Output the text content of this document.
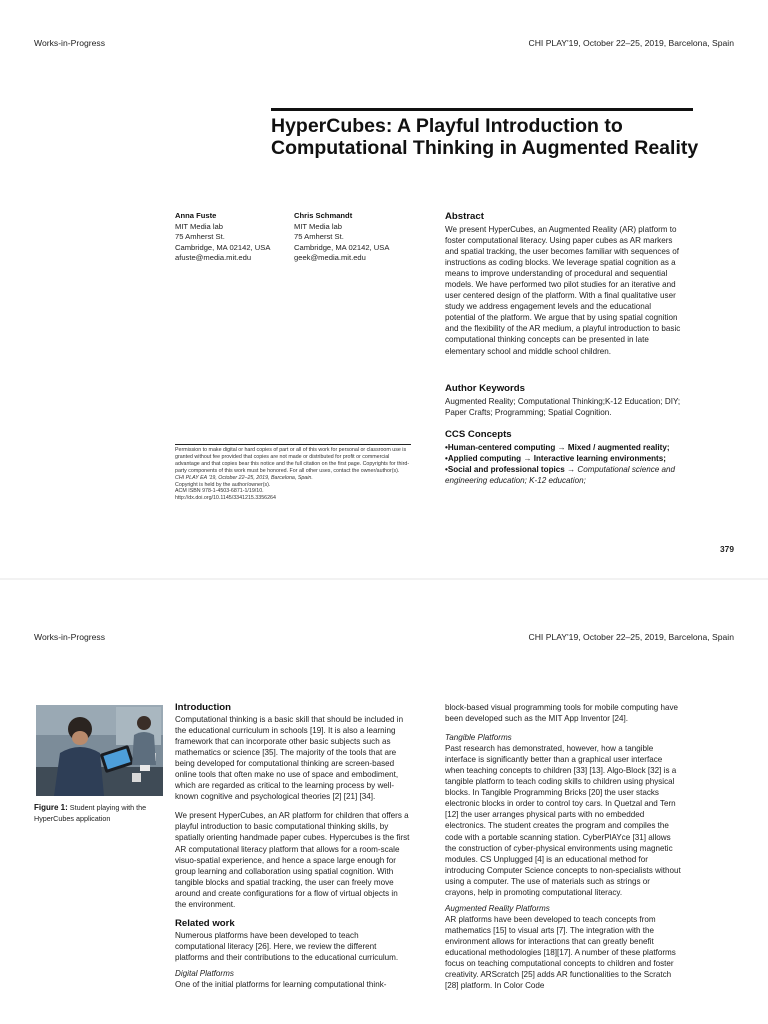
Works-in-Progress	CHI PLAY'19, October 22–25, 2019, Barcelona, Spain
HyperCubes: A Playful Introduction to Computational Thinking in Augmented Reality
Anna Fuste
MIT Media lab
75 Amherst St.
Cambridge, MA 02142, USA
afuste@media.mit.edu
Chris Schmandt
MIT Media lab
75 Amherst St.
Cambridge, MA 02142, USA
geek@media.mit.edu
Abstract

We present HyperCubes, an Augmented Reality (AR) platform to foster computational literacy. Using paper cubes as AR markers and spatial tracking, the user becomes familiar with sequences of instructions as coding blocks. We leverage spatial cognition as a means to improve understanding of procedural and sequential models. We have performed two pilot studies for an iterative and user centered design of the platform. With a final qualitative user study we address engagement levels and the educational potential of the platform. We argue that by using spatial cognition and the flexibility of the AR medium, a playful introduction to basic computational thinking concepts can be presented in late elementary school and middle school children.

Author Keywords

Augmented Reality; Computational Thinking;K-12 Education; DIY; Paper Crafts; Programming; Spatial Cognition.

CCS Concepts

•Human-centered computing → Mixed / augmented reality; •Applied computing → Interactive learning environments; •Social and professional topics → Computational science and engineering education; K-12 education;

Permission to make digital or hard copies of part or all of this work for personal or classroom use is granted without fee provided that copies are not made or distributed for profit or commercial advantage and that copies bear this notice and the full citation on the first page. Copyrights for third-party components of this work must be honored. For all other uses, contact the owner/author(s).
CHI PLAY EA '19, October 22–25, 2019, Barcelona, Spain.
Copyright is held by the author/owner(s).
ACM ISBN 978-1-4503-6871-1/19/10.
http://dx.doi.org/10.1145/3341215.3356264
379
Works-in-Progress	CHI PLAY'19, October 22–25, 2019, Barcelona, Spain
Figure 1: Student playing with the HyperCubes application
Introduction

Computational thinking is a basic skill that should be included in the educational curriculum in schools [19]. It is also a learning framework that can incorporate other basic subjects such as mathematics or science [35]. The majority of the tools that are being developed for computational thinking are screen-based online tools that often make no use of space and embodiment, which are regarded as critical to the learning process by well-known cognitive and psychological theories [2] [21] [34].

We present HyperCubes, an AR platform for children that offers a playful introduction to basic computational thinking skills, by spatially orienting handmade paper cubes. Hypercubes is the first AR computational literacy platform that allows for a room-scale visuo-spatial experience, and hence a space large enough for group learning and collaboration using spatial cognition. With tangible blocks and spatial tracking, the user can freely move around and create configurations for a flow of virtual objects in the environment.

Related work

Numerous platforms have been developed to teach computational literacy [26]. Here, we review the different platforms and their contributions to the educational curriculum.

Digital Platforms

One of the initial platforms for learning computational think-

block-based visual programming tools for mobile computing have been developed such as the MIT App Inventor [24].

Tangible Platforms

Past research has demonstrated, however, how a tangible interface is significantly better than a graphical user interface when teaching concepts to children [33] [13]. Algo-Block [32] is a tangible platform to teach coding skills to children using physical blocks. In Tangible Programming Bricks [20] the user stacks electronic blocks in order to control toy cars. In Quetzal and Tern [12] the user arranges physical parts with no embedded electronics. The student creates the program and compiles the code with a portable scanning station. CyberPlAYce [31] allows the construction of cyber-physical environments using magnetic modules. CS Unplugged [4] is an educational method for introducing Computer Science concepts to non-specialists without using a computer. The use of materials such as strings or crayons, help in promoting computational literacy.

Augmented Reality Platforms

AR platforms have been developed to teach concepts from mathematics [15] to visual arts [7]. The integration with the environment allows for interactions that can greatly benefit educational methodologies [18][17]. A number of these platforms focus on teaching computational concepts to children and foster creativity. ARScratch [25] adds AR functionalities to the Scratch [28] platform. In Color Code
